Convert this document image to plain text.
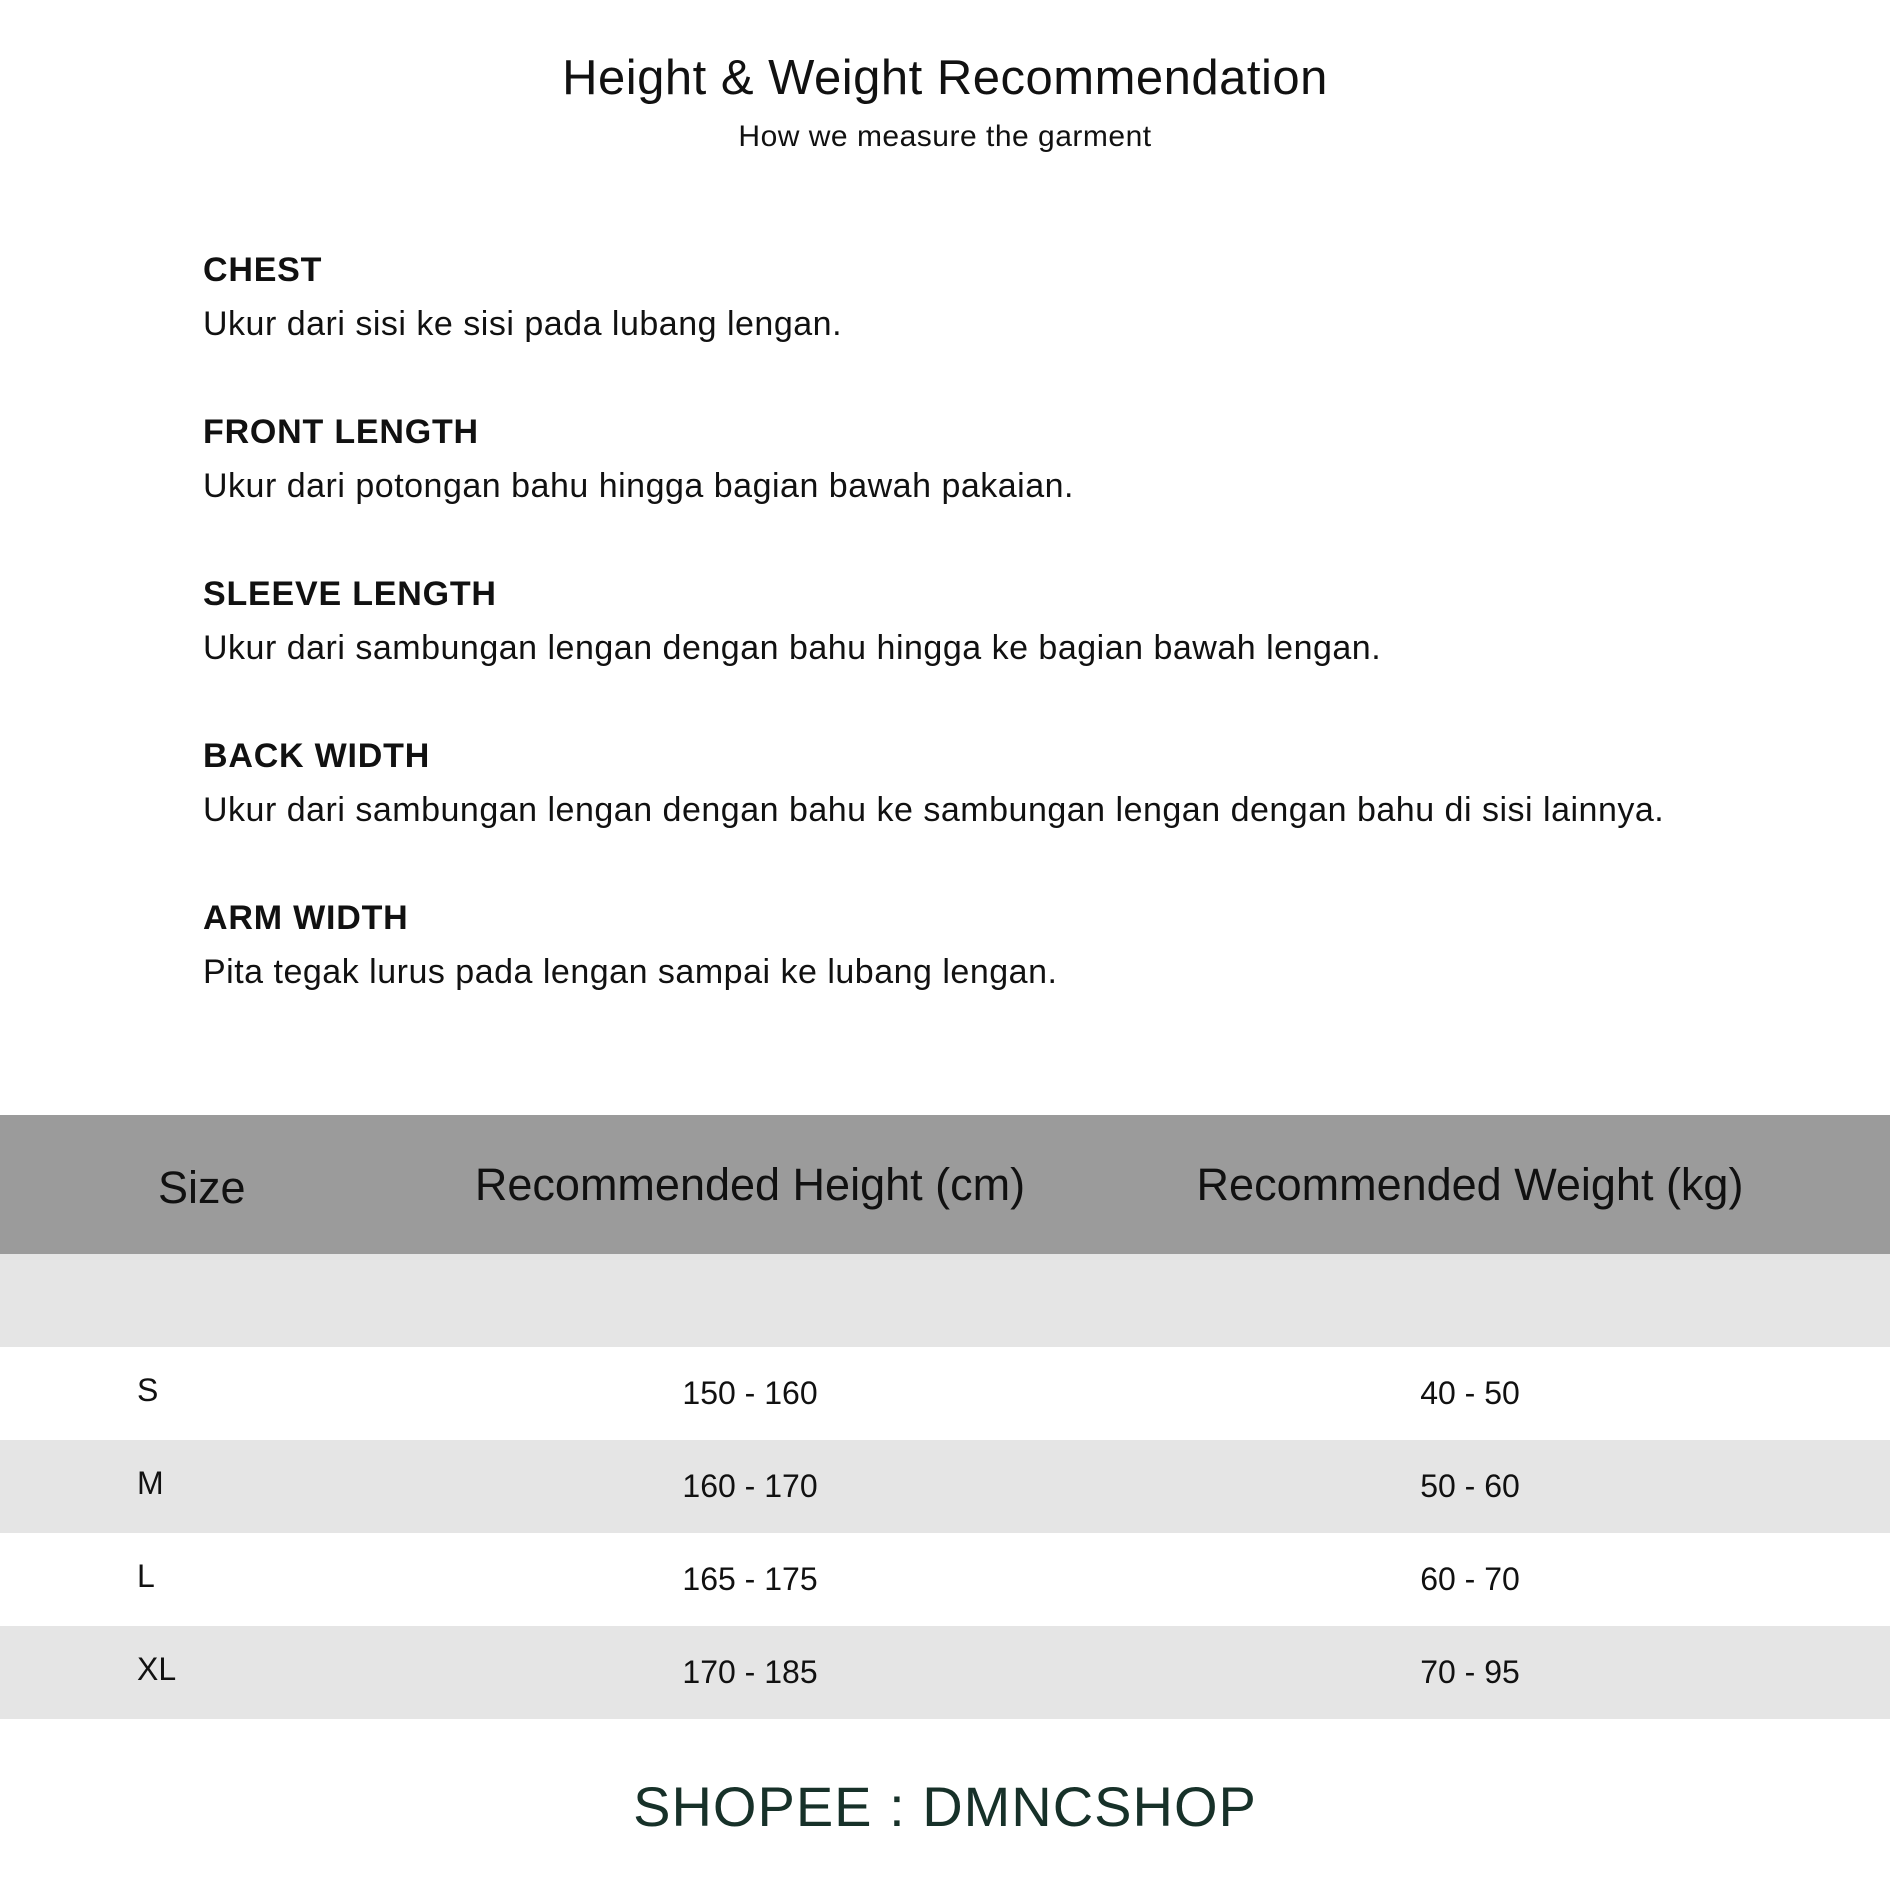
Height & Weight Recommendation
How we measure the garment
CHEST
Ukur dari sisi ke sisi pada lubang lengan.
FRONT LENGTH
Ukur dari potongan bahu hingga bagian bawah pakaian.
SLEEVE LENGTH
Ukur dari sambungan lengan dengan bahu hingga ke bagian bawah lengan.
BACK WIDTH
Ukur dari sambungan lengan dengan bahu ke sambungan lengan dengan bahu di sisi lainnya.
ARM WIDTH
Pita tegak lurus pada lengan sampai ke lubang lengan.
Size	Recommended Height (cm)	Recommended Weight (kg)
S	150 - 160	40 - 50
M	160 - 170	50 - 60
L	165 - 175	60 - 70
XL	170 - 185	70 - 95
SHOPEE : DMNCSHOP
